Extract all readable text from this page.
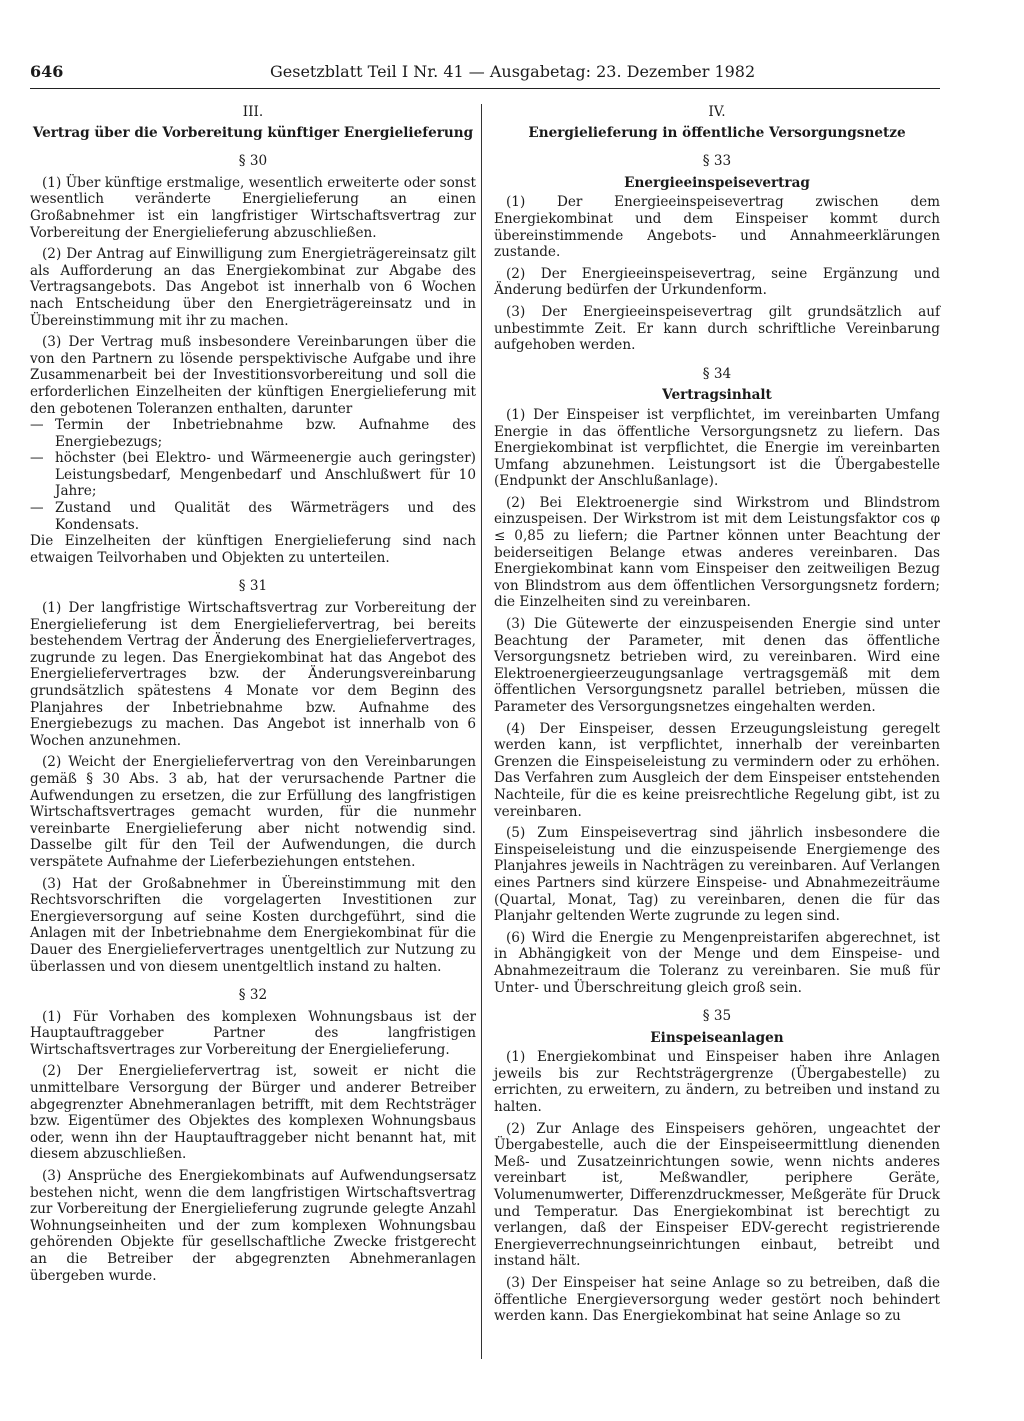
646	Gesetzblatt Teil I Nr. 41 — Ausgabetag: 23. Dezember 1982

III.

Vertrag über die Vorbereitung künftiger Energielieferung

§ 30

(1) Über künftige erstmalige, wesentlich erweiterte oder sonst wesentlich veränderte Energielieferung an einen Großabnehmer ist ein langfristiger Wirtschaftsvertrag zur Vorbereitung der Energielieferung abzuschließen.

(2) Der Antrag auf Einwilligung zum Energieträgereinsatz gilt als Aufforderung an das Energiekombinat zur Abgabe des Vertragsangebots. Das Angebot ist innerhalb von 6 Wochen nach Entscheidung über den Energieträgereinsatz und in Übereinstimmung mit ihr zu machen.

(3) Der Vertrag muß insbesondere Vereinbarungen über die von den Partnern zu lösende perspektivische Aufgabe und ihre Zusammenarbeit bei der Investitionsvorbereitung und soll die erforderlichen Einzelheiten der künftigen Energielieferung mit den gebotenen Toleranzen enthalten, darunter

— Termin der Inbetriebnahme bzw. Aufnahme des Energiebezugs;
— höchster (bei Elektro- und Wärmeenergie auch geringster) Leistungsbedarf, Mengenbedarf und Anschlußwert für 10 Jahre;
— Zustand und Qualität des Wärmeträgers und des Kondensats.

Die Einzelheiten der künftigen Energielieferung sind nach etwaigen Teilvorhaben und Objekten zu unterteilen.

§ 31

(1) Der langfristige Wirtschaftsvertrag zur Vorbereitung der Energielieferung ist dem Energieliefervertrag, bei bereits bestehendem Vertrag der Änderung des Energieliefervertrages, zugrunde zu legen. Das Energiekombinat hat das Angebot des Energieliefervertrages bzw. der Änderungsvereinbarung grundsätzlich spätestens 4 Monate vor dem Beginn des Planjahres der Inbetriebnahme bzw. Aufnahme des Energiebezugs zu machen. Das Angebot ist innerhalb von 6 Wochen anzunehmen.

(2) Weicht der Energieliefervertrag von den Vereinbarungen gemäß § 30 Abs. 3 ab, hat der verursachende Partner die Aufwendungen zu ersetzen, die zur Erfüllung des langfristigen Wirtschaftsvertrages gemacht wurden, für die nunmehr vereinbarte Energielieferung aber nicht notwendig sind. Dasselbe gilt für den Teil der Aufwendungen, die durch verspätete Aufnahme der Lieferbeziehungen entstehen.

(3) Hat der Großabnehmer in Übereinstimmung mit den Rechtsvorschriften die vorgelagerten Investitionen zur Energieversorgung auf seine Kosten durchgeführt, sind die Anlagen mit der Inbetriebnahme dem Energiekombinat für die Dauer des Energieliefervertrages unentgeltlich zur Nutzung zu überlassen und von diesem unentgeltlich instand zu halten.

§ 32

(1) Für Vorhaben des komplexen Wohnungsbaus ist der Hauptauftraggeber Partner des langfristigen Wirtschaftsvertrages zur Vorbereitung der Energielieferung.

(2) Der Energieliefervertrag ist, soweit er nicht die unmittelbare Versorgung der Bürger und anderer Betreiber abgegrenzter Abnehmeranlagen betrifft, mit dem Rechtsträger bzw. Eigentümer des Objektes des komplexen Wohnungsbaus oder, wenn ihn der Hauptauftraggeber nicht benannt hat, mit diesem abzuschließen.

(3) Ansprüche des Energiekombinats auf Aufwendungsersatz bestehen nicht, wenn die dem langfristigen Wirtschaftsvertrag zur Vorbereitung der Energielieferung zugrunde gelegte Anzahl Wohnungseinheiten und der zum komplexen Wohnungsbau gehörenden Objekte für gesellschaftliche Zwecke fristgerecht an die Betreiber der abgegrenzten Abnehmeranlagen übergeben wurde.

IV.

Energielieferung in öffentliche Versorgungsnetze

§ 33

Energieeinspeisevertrag

(1) Der Energieeinspeisevertrag zwischen dem Energiekombinat und dem Einspeiser kommt durch übereinstimmende Angebots- und Annahmeerklärungen zustande.

(2) Der Energieeinspeisevertrag, seine Ergänzung und Änderung bedürfen der Urkundenform.

(3) Der Energieeinspeisevertrag gilt grundsätzlich auf unbestimmte Zeit. Er kann durch schriftliche Vereinbarung aufgehoben werden.

§ 34

Vertragsinhalt

(1) Der Einspeiser ist verpflichtet, im vereinbarten Umfang Energie in das öffentliche Versorgungsnetz zu liefern. Das Energiekombinat ist verpflichtet, die Energie im vereinbarten Umfang abzunehmen. Leistungsort ist die Übergabestelle (Endpunkt der Anschlußanlage).

(2) Bei Elektroenergie sind Wirkstrom und Blindstrom einzuspeisen. Der Wirkstrom ist mit dem Leistungsfaktor cos φ ≤ 0,85 zu liefern; die Partner können unter Beachtung der beiderseitigen Belange etwas anderes vereinbaren. Das Energiekombinat kann vom Einspeiser den zeitweiligen Bezug von Blindstrom aus dem öffentlichen Versorgungsnetz fordern; die Einzelheiten sind zu vereinbaren.

(3) Die Gütewerte der einzuspeisenden Energie sind unter Beachtung der Parameter, mit denen das öffentliche Versorgungsnetz betrieben wird, zu vereinbaren. Wird eine Elektroenergieerzeugungsanlage vertragsgemäß mit dem öffentlichen Versorgungsnetz parallel betrieben, müssen die Parameter des Versorgungsnetzes eingehalten werden.

(4) Der Einspeiser, dessen Erzeugungsleistung geregelt werden kann, ist verpflichtet, innerhalb der vereinbarten Grenzen die Einspeiseleistung zu vermindern oder zu erhöhen. Das Verfahren zum Ausgleich der dem Einspeiser entstehenden Nachteile, für die es keine preisrechtliche Regelung gibt, ist zu vereinbaren.

(5) Zum Einspeisevertrag sind jährlich insbesondere die Einspeiseleistung und die einzuspeisende Energiemenge des Planjahres jeweils in Nachträgen zu vereinbaren. Auf Verlangen eines Partners sind kürzere Einspeise- und Abnahmezeiträume (Quartal, Monat, Tag) zu vereinbaren, denen die für das Planjahr geltenden Werte zugrunde zu legen sind.

(6) Wird die Energie zu Mengenpreistarifen abgerechnet, ist in Abhängigkeit von der Menge und dem Einspeise- und Abnahmezeitraum die Toleranz zu vereinbaren. Sie muß für Unter- und Überschreitung gleich groß sein.

§ 35

Einspeiseanlagen

(1) Energiekombinat und Einspeiser haben ihre Anlagen jeweils bis zur Rechtsträgergrenze (Übergabestelle) zu errichten, zu erweitern, zu ändern, zu betreiben und instand zu halten.

(2) Zur Anlage des Einspeisers gehören, ungeachtet der Übergabestelle, auch die der Einspeiseermittlung dienenden Meß- und Zusatzeinrichtungen sowie, wenn nichts anderes vereinbart ist, Meßwandler, periphere Geräte, Volumenumwerter, Differenzdruckmesser, Meßgeräte für Druck und Temperatur. Das Energiekombinat ist berechtigt zu verlangen, daß der Einspeiser EDV-gerecht registrierende Energieverrechnungseinrichtungen einbaut, betreibt und instand hält.

(3) Der Einspeiser hat seine Anlage so zu betreiben, daß die öffentliche Energieversorgung weder gestört noch behindert werden kann. Das Energiekombinat hat seine Anlage so zu
